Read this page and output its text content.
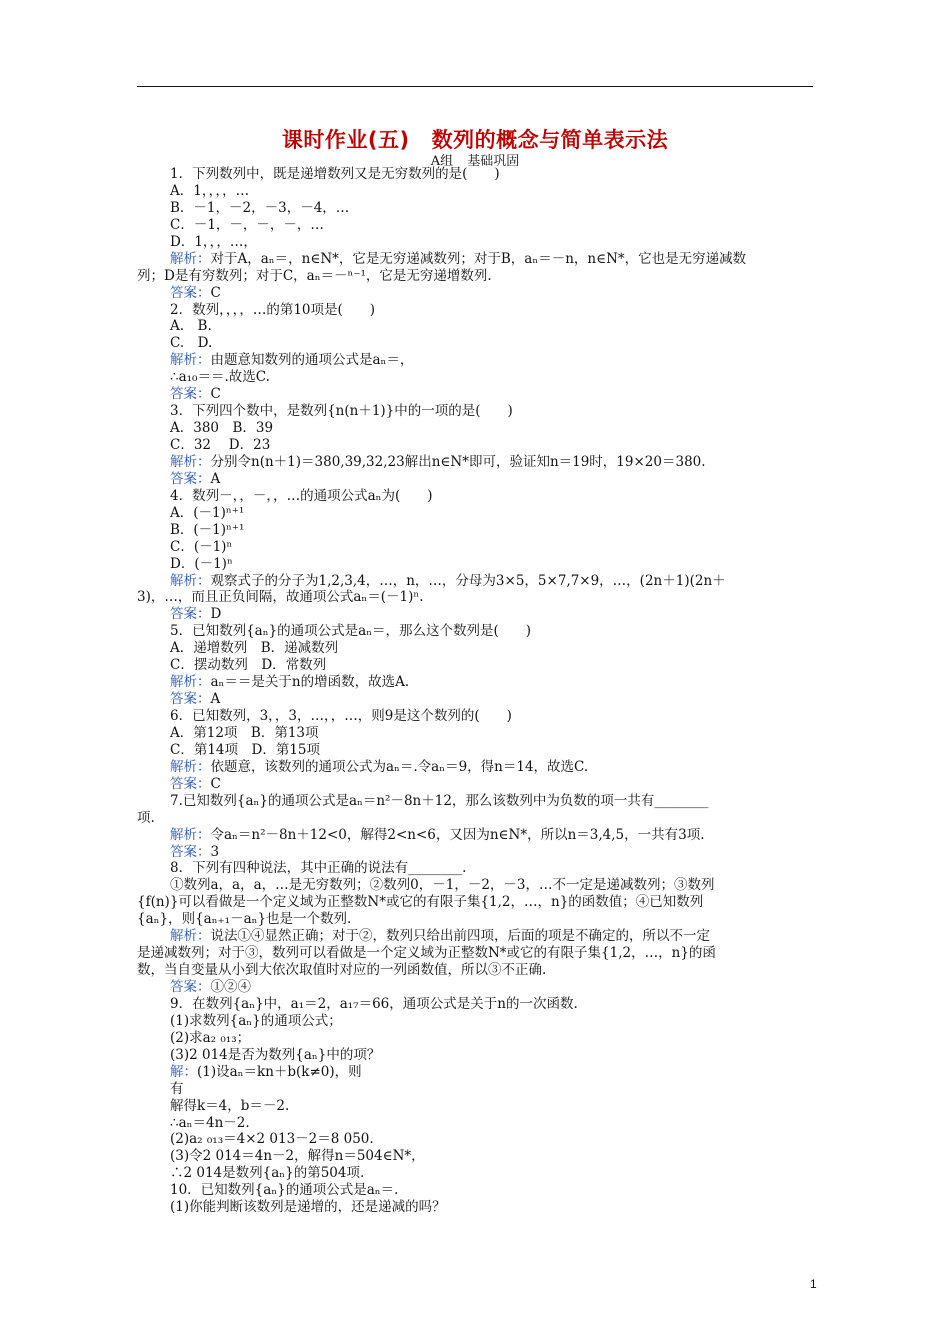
课时作业(五) 数列的概念与简单表示法
A组 基础巩固
1．下列数列中，既是递增数列又是无穷数列的是(　　)
A．1，，，，…
B．－1，－2，－3，－4，…
C．－1，－，－，－，…
D．1，，，…，
解析：对于A，aₙ＝，n∈N*，它是无穷递减数列；对于B，aₙ＝－n，n∈N*，它也是无穷递减数
列；D是有穷数列；对于C，aₙ＝－ⁿ⁻¹，它是无穷递增数列.
答案：C
2．数列，，，，…的第10项是(　　)
A.　B.
C.　D.
解析：由题意知数列的通项公式是aₙ＝，
∴a₁₀＝＝.故选C.
答案：C
3．下列四个数中，是数列{n(n＋1)}中的一项的是(　　)
A．380　B．39
C．32　 D．23
解析：分别令n(n＋1)＝380,39,32,23解出n∈N*即可，验证知n＝19时，19×20＝380.
答案：A
4．数列－，，－，，…的通项公式aₙ为(　　)
A．(－1)ⁿ⁺¹
B．(－1)ⁿ⁺¹
C．(－1)ⁿ
D．(－1)ⁿ
解析：观察式子的分子为1,2,3,4，…，n，…，分母为3×5，5×7,7×9，…，(2n＋1)(2n＋
3)，…，而且正负间隔，故通项公式aₙ＝(－1)ⁿ.
答案：D
5．已知数列{aₙ}的通项公式是aₙ＝，那么这个数列是(　　)
A．递增数列　B．递减数列
C．摆动数列　D．常数列
解析：aₙ＝＝是关于n的增函数，故选A.
答案：A
6．已知数列，3，，3，…，，…，则9是这个数列的(　　)
A．第12项　B．第13项
C．第14项　D．第15项
解析：依题意，该数列的通项公式为aₙ＝.令aₙ＝9，得n＝14，故选C.
答案：C
7.已知数列{aₙ}的通项公式是aₙ＝n²－8n＋12，那么该数列中为负数的项一共有________
项.
解析：令aₙ＝n²－8n＋12<0，解得2<n<6，又因为n∈N*，所以n＝3,4,5，一共有3项.
答案：3
8．下列有四种说法，其中正确的说法有________.
①数列a，a，a，…是无穷数列；②数列0，－1，－2，－3，…不一定是递减数列；③数列
{f(n)}可以看做是一个定义域为正整数N*或它的有限子集{1,2，…，n}的函数值；④已知数列
{aₙ}，则{aₙ₊₁－aₙ}也是一个数列.
解析：说法①④显然正确；对于②，数列只给出前四项，后面的项是不确定的，所以不一定
是递减数列；对于③，数列可以看做是一个定义域为正整数N*或它的有限子集{1,2，…，n}的函
数，当自变量从小到大依次取值时对应的一列函数值，所以③不正确.
答案：①②④
9．在数列{aₙ}中，a₁＝2，a₁₇＝66，通项公式是关于n的一次函数.
(1)求数列{aₙ}的通项公式；
(2)求a₂ ₀₁₃；
(3)2 014是否为数列{aₙ}中的项？
解：(1)设aₙ＝kn＋b(k≠0)，则
有
解得k＝4，b＝－2.
∴aₙ＝4n－2.
(2)a₂ ₀₁₃＝4×2 013－2＝8 050.
(3)令2 014＝4n－2，解得n＝504∈N*，
∴2 014是数列{aₙ}的第504项.
10．已知数列{aₙ}的通项公式是aₙ＝.
(1)你能判断该数列是递增的，还是递减的吗？
1
